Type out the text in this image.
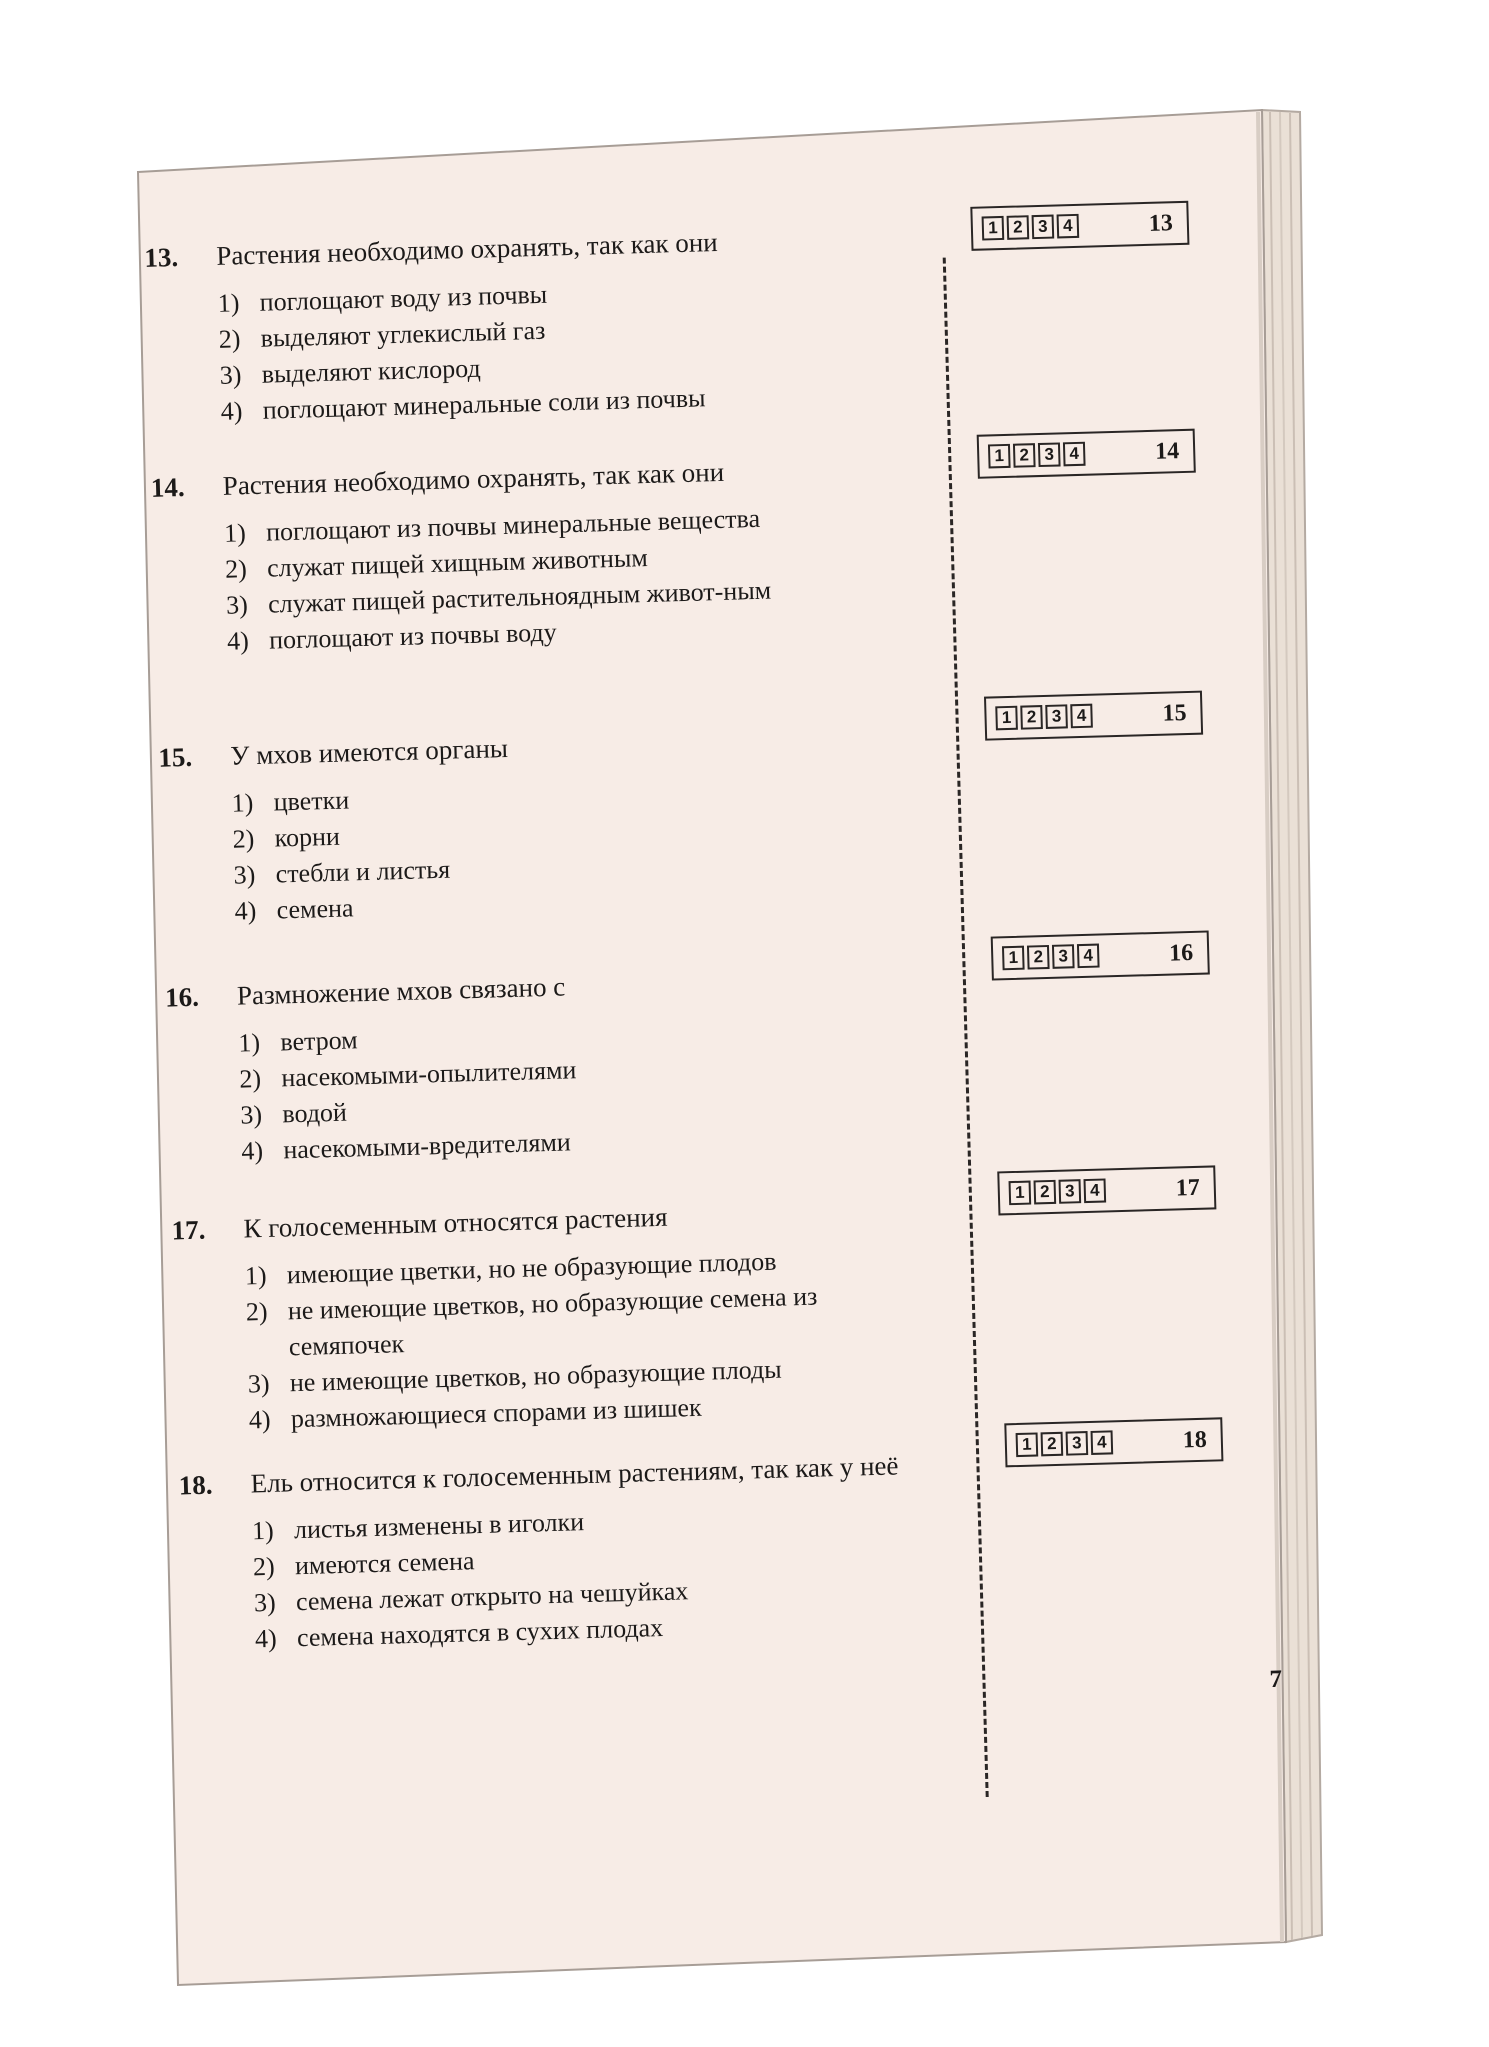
13.	Растения необходимо охранять, так как они
1) поглощают воду из почвы
2) выделяют углекислый газ
3) выделяют кислород
4) поглощают минеральные соли из почвы
1 2 3 4	13
14.	Растения необходимо охранять, так как они
1) поглощают из почвы минеральные вещества
2) служат пищей хищным животным
3) служат пищей растительноядным живот-ным
4) поглощают из почвы воду
1 2 3 4	14
15.	У мхов имеются органы
1) цветки
2) корни
3) стебли и листья
4) семена
1 2 3 4	15
16.	Размножение мхов связано с
1) ветром
2) насекомыми-опылителями
3) водой
4) насекомыми-вредителями
1 2 3 4	16
17.	К голосеменным относятся растения
1) имеющие цветки, но не образующие плодов
2) не имеющие цветков, но образующие семена из семяпочек
3) не имеющие цветков, но образующие плоды
4) размножающиеся спорами из шишек
1 2 3 4	17
18.	Ель относится к голосеменным растениям, так как у неё
1) листья изменены в иголки
2) имеются семена
3) семена лежат открыто на чешуйках
4) семена находятся в сухих плодах
1 2 3 4	18
7
